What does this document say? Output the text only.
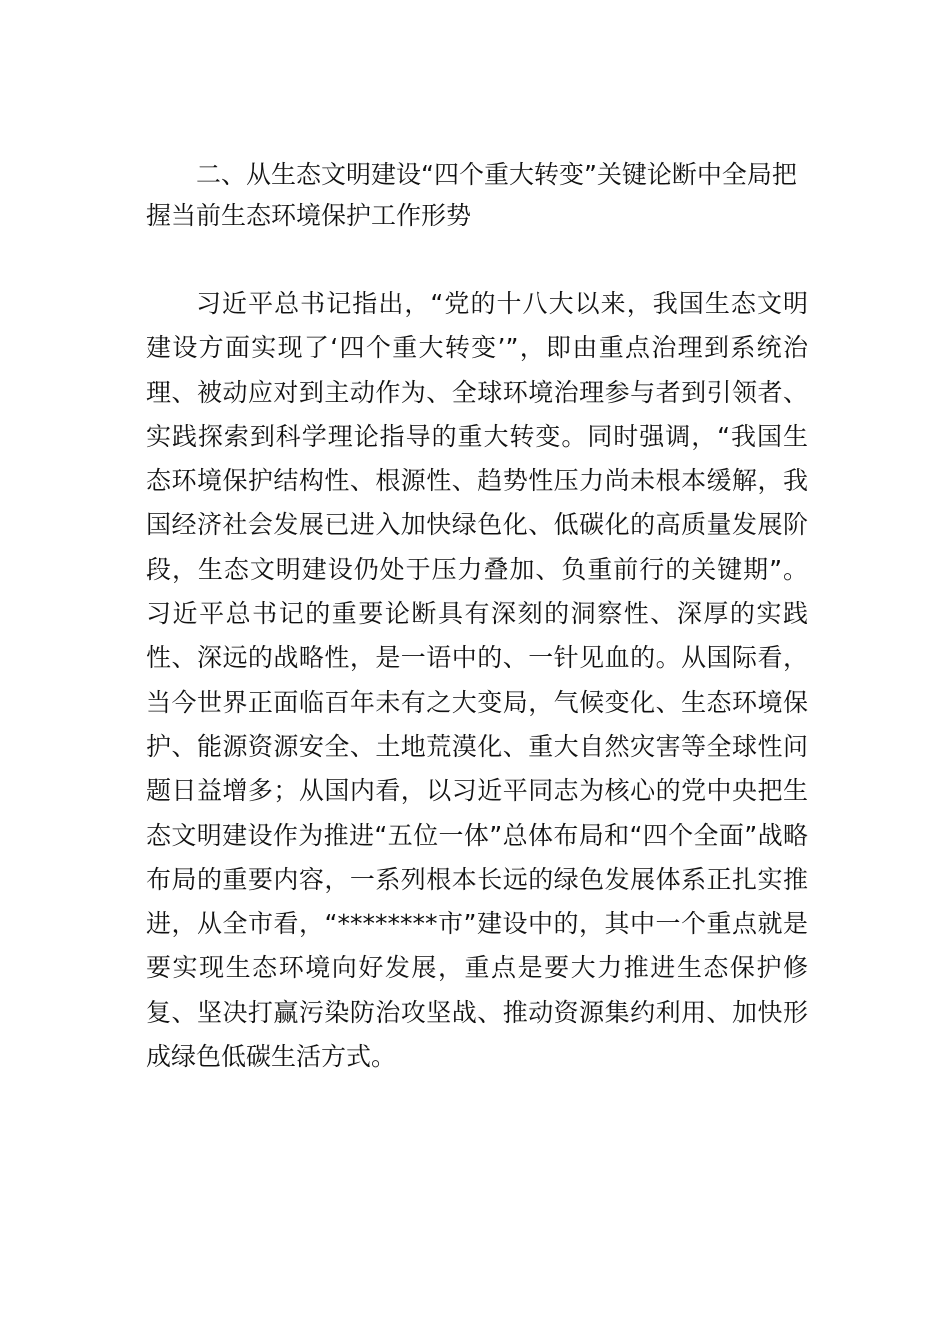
二、从生态文明建设“四个重大转变”关键论断中全局把握当前生态环境保护工作形势

习近平总书记指出，“党的十八大以来，我国生态文明建设方面实现了‘四个重大转变’”，即由重点治理到系统治理、被动应对到主动作为、全球环境治理参与者到引领者、实践探索到科学理论指导的重大转变。同时强调，“我国生态环境保护结构性、根源性、趋势性压力尚未根本缓解，我国经济社会发展已进入加快绿色化、低碳化的高质量发展阶段，生态文明建设仍处于压力叠加、负重前行的关键期”。习近平总书记的重要论断具有深刻的洞察性、深厚的实践性、深远的战略性，是一语中的、一针见血的。从国际看，当今世界正面临百年未有之大变局，气候变化、生态环境保护、能源资源安全、土地荒漠化、重大自然灾害等全球性问题日益增多；从国内看，以习近平同志为核心的党中央把生态文明建设作为推进“五位一体”总体布局和“四个全面”战略布局的重要内容，一系列根本长远的绿色发展体系正扎实推进，从全市看，“********市”建设中的，其中一个重点就是要实现生态环境向好发展，重点是要大力推进生态保护修复、坚决打赢污染防治攻坚战、推动资源集约利用、加快形成绿色低碳生活方式。
